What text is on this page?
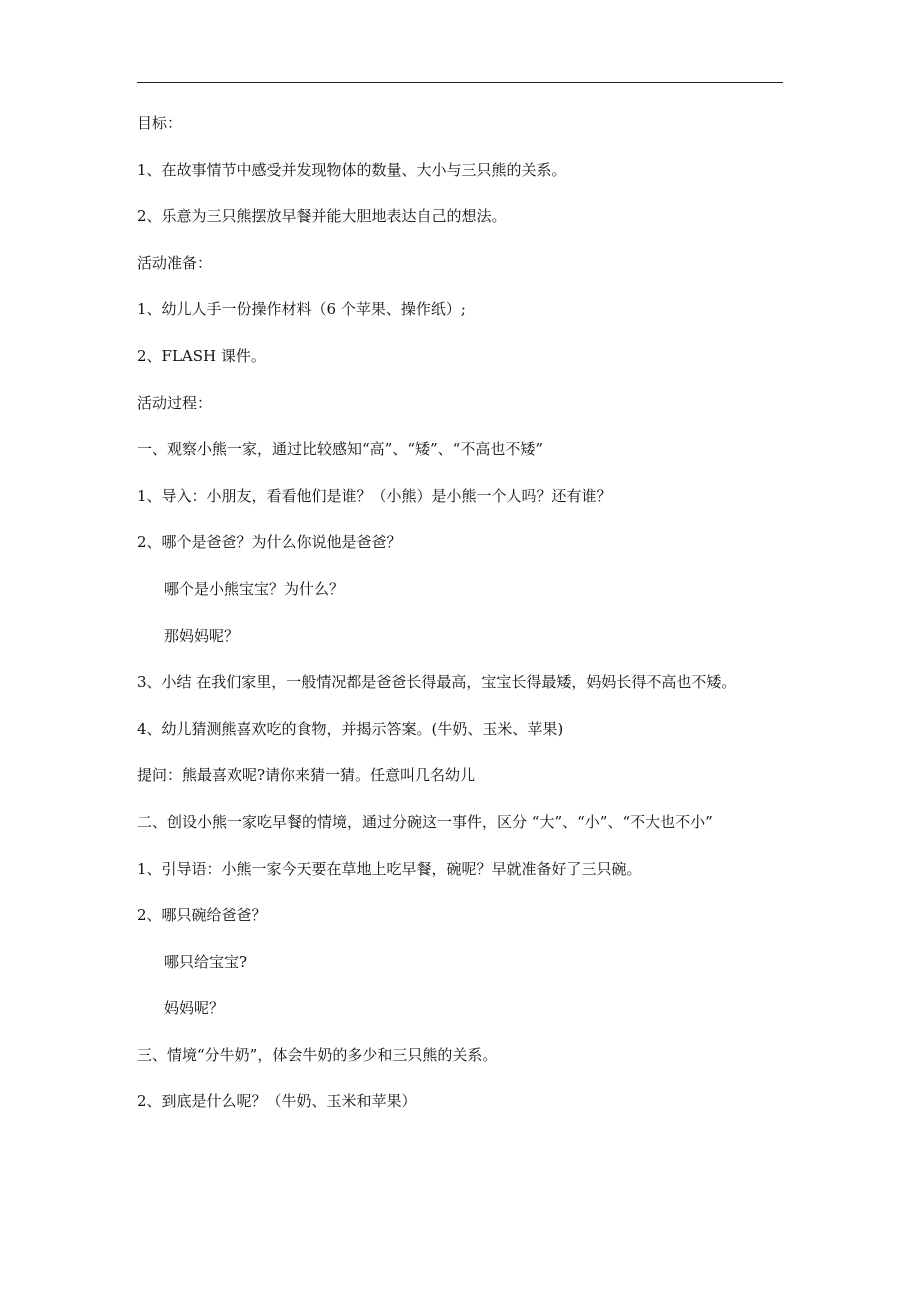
目标：
1、在故事情节中感受并发现物体的数量、大小与三只熊的关系。
2、乐意为三只熊摆放早餐并能大胆地表达自己的想法。
活动准备：
1、幼儿人手一份操作材料（6 个苹果、操作纸）;
2、FLASH 课件。
活动过程：
一、观察小熊一家，通过比较感知“高”、“矮”、“不高也不矮”
1、导入：小朋友，看看他们是谁？（小熊）是小熊一个人吗？还有谁？
2、哪个是爸爸？为什么你说他是爸爸？
哪个是小熊宝宝？为什么？
那妈妈呢？
3、小结 在我们家里，一般情况都是爸爸长得最高，宝宝长得最矮，妈妈长得不高也不矮。
4、幼儿猜测熊喜欢吃的食物，并揭示答案。(牛奶、玉米、苹果)
提问：熊最喜欢呢?请你来猜一猜。任意叫几名幼儿
二、创设小熊一家吃早餐的情境，通过分碗这一事件，区分 “大”、“小”、“不大也不小”
1、引导语：小熊一家今天要在草地上吃早餐，碗呢？早就准备好了三只碗。
2、哪只碗给爸爸？
哪只给宝宝?
妈妈呢？
三、情境“分牛奶”，体会牛奶的多少和三只熊的关系。
2、到底是什么呢？（牛奶、玉米和苹果）
